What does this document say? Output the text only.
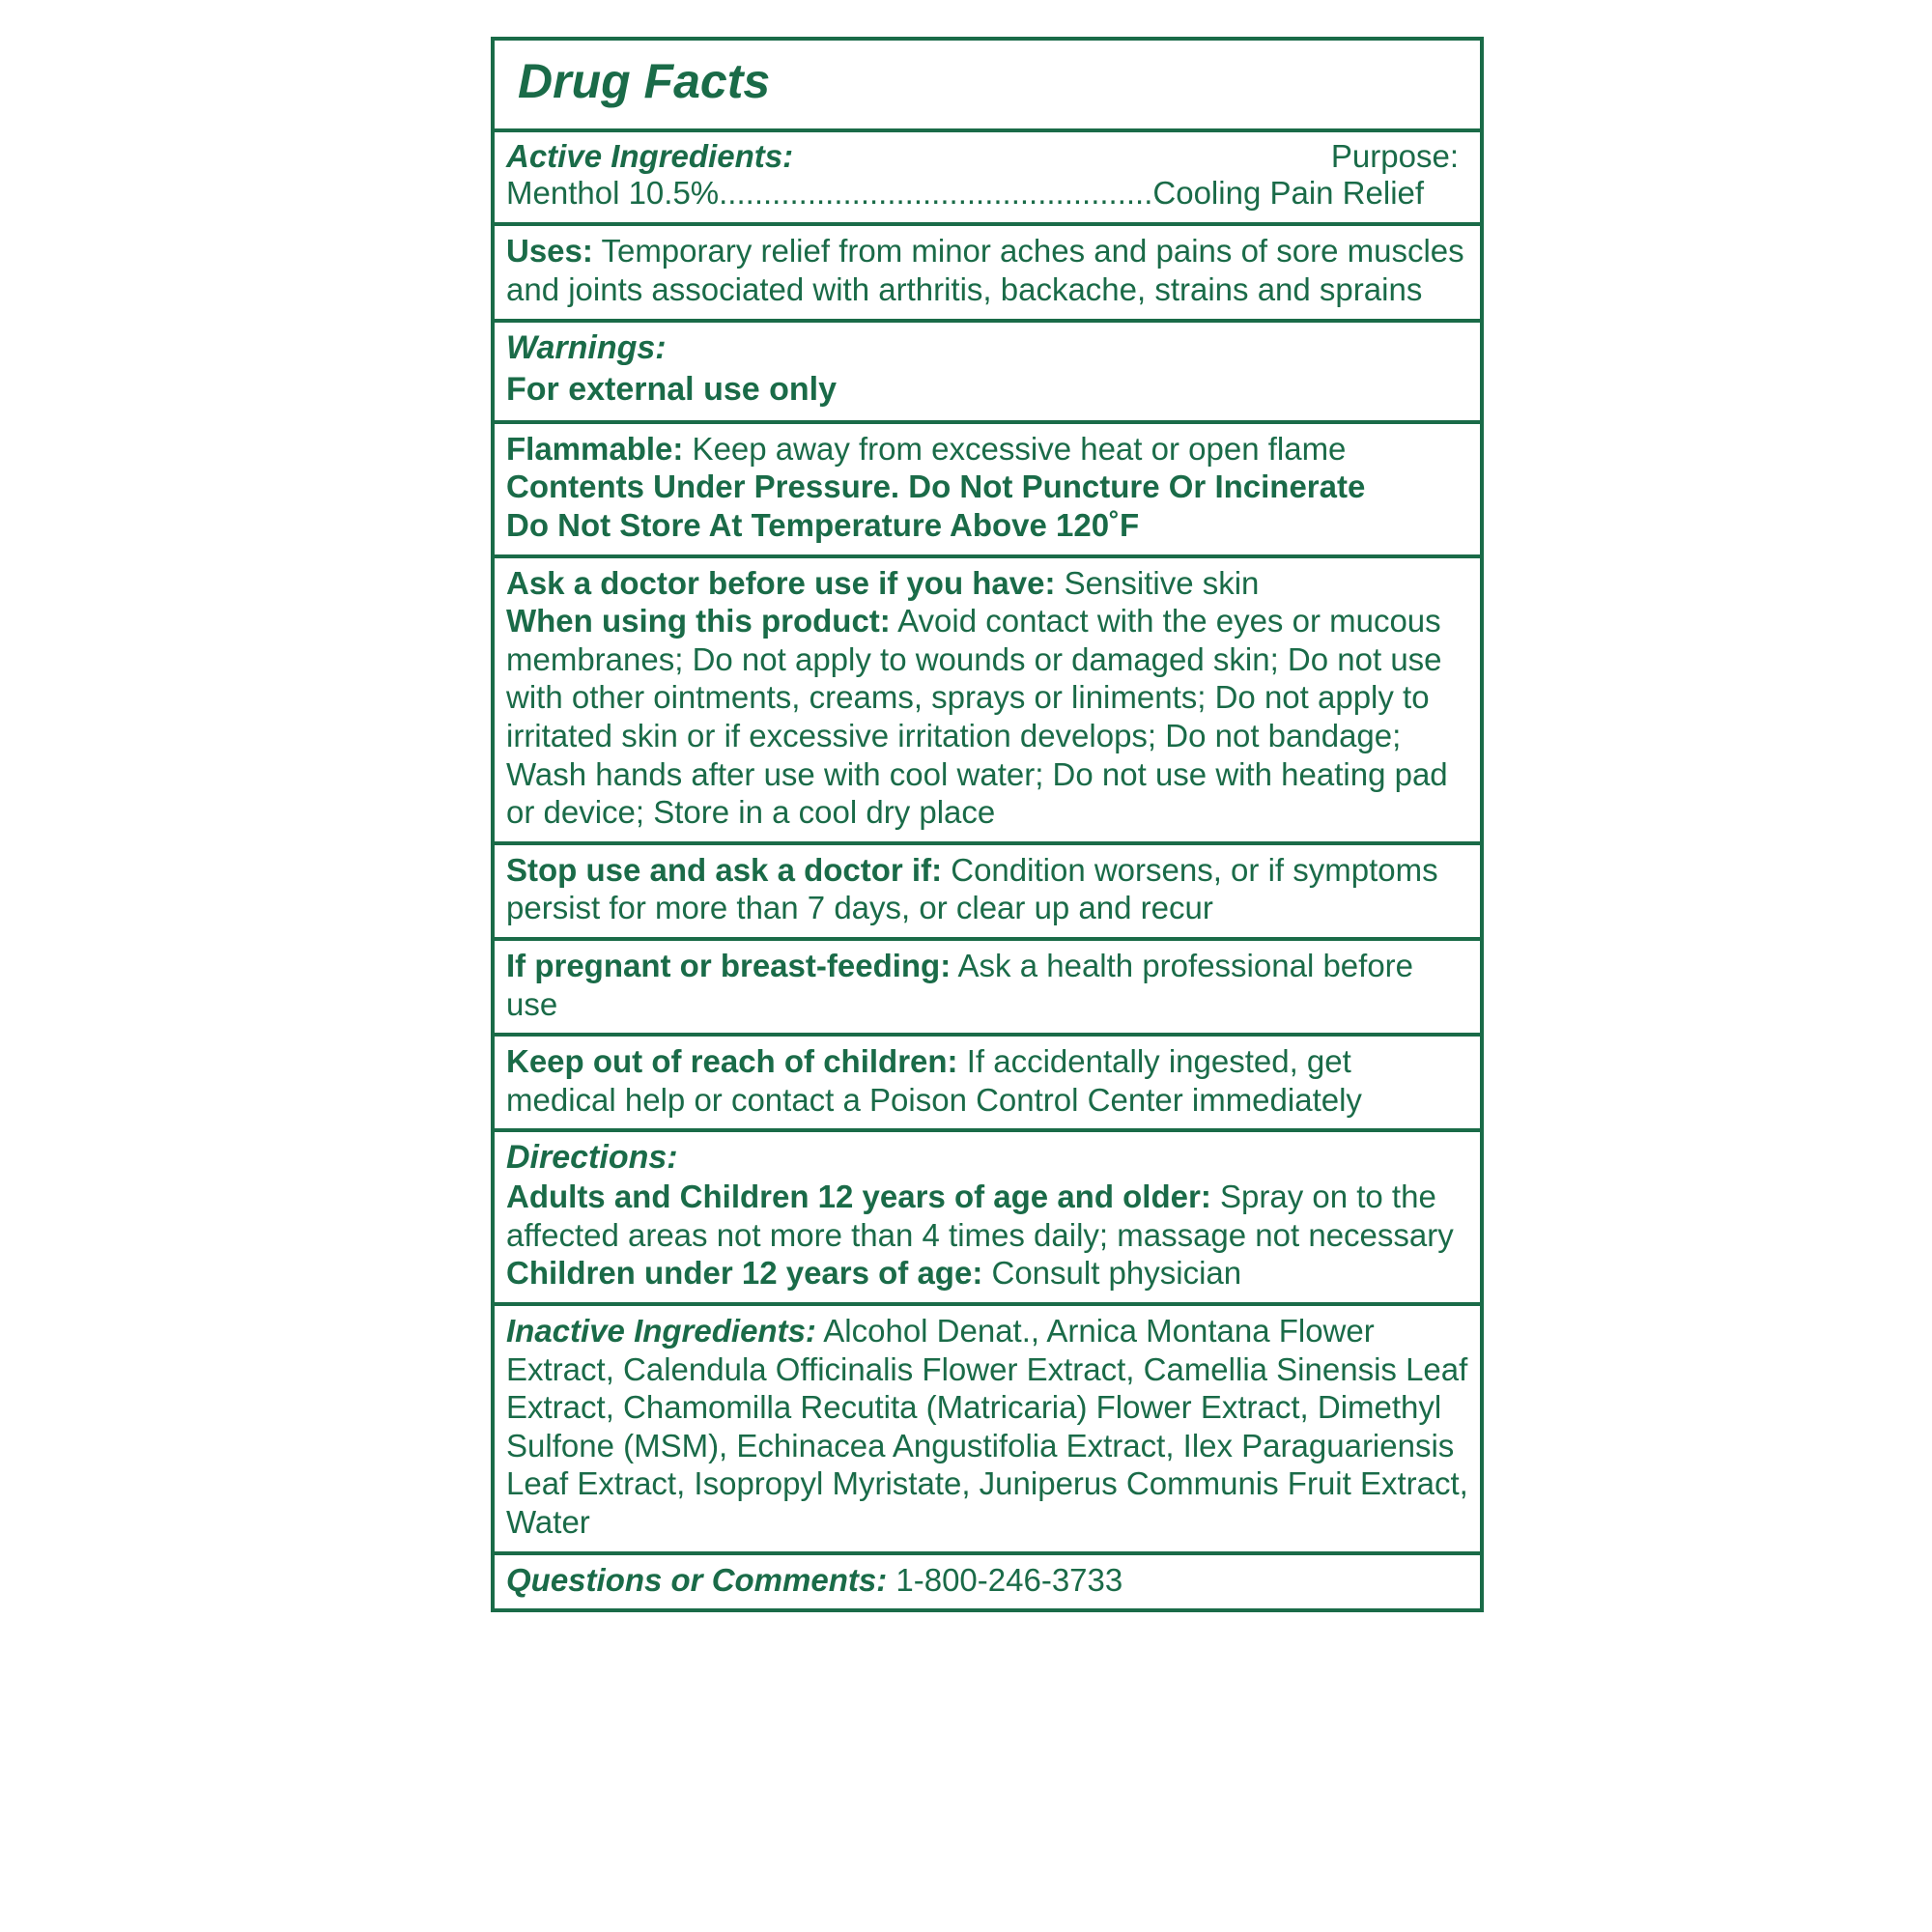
Drug Facts
Active Ingredients:	Purpose:
Menthol 10.5%.................................................Cooling Pain Relief

Uses: Temporary relief from minor aches and pains of sore muscles and joints associated with arthritis, backache, strains and sprains

Warnings:
For external use only

Flammable: Keep away from excessive heat or open flame

Contents Under Pressure. Do Not Puncture Or Incinerate

Do Not Store At Temperature Above 120˚F

Ask a doctor before use if you have: Sensitive skin

When using this product: Avoid contact with the eyes or mucous membranes; Do not apply to wounds or damaged skin; Do not use with other ointments, creams, sprays or liniments; Do not apply to irritated skin or if excessive irritation develops; Do not bandage; Wash hands after use with cool water; Do not use with heating pad or device; Store in a cool dry place

Stop use and ask a doctor if: Condition worsens, or if symptoms persist for more than 7 days, or clear up and recur

If pregnant or breast-feeding: Ask a health professional before use

Keep out of reach of children: If accidentally ingested, get medical help or contact a Poison Control Center immediately

Directions:

Adults and Children 12 years of age and older: Spray on to the affected areas not more than 4 times daily; massage not necessary

Children under 12 years of age: Consult physician

Inactive Ingredients: Alcohol Denat., Arnica Montana Flower Extract, Calendula Officinalis Flower Extract, Camellia Sinensis Leaf Extract, Chamomilla Recutita (Matricaria) Flower Extract, Dimethyl Sulfone (MSM), Echinacea Angustifolia Extract, Ilex Paraguariensis Leaf Extract, Isopropyl Myristate, Juniperus Communis Fruit Extract, Water

Questions or Comments: 1-800-246-3733
